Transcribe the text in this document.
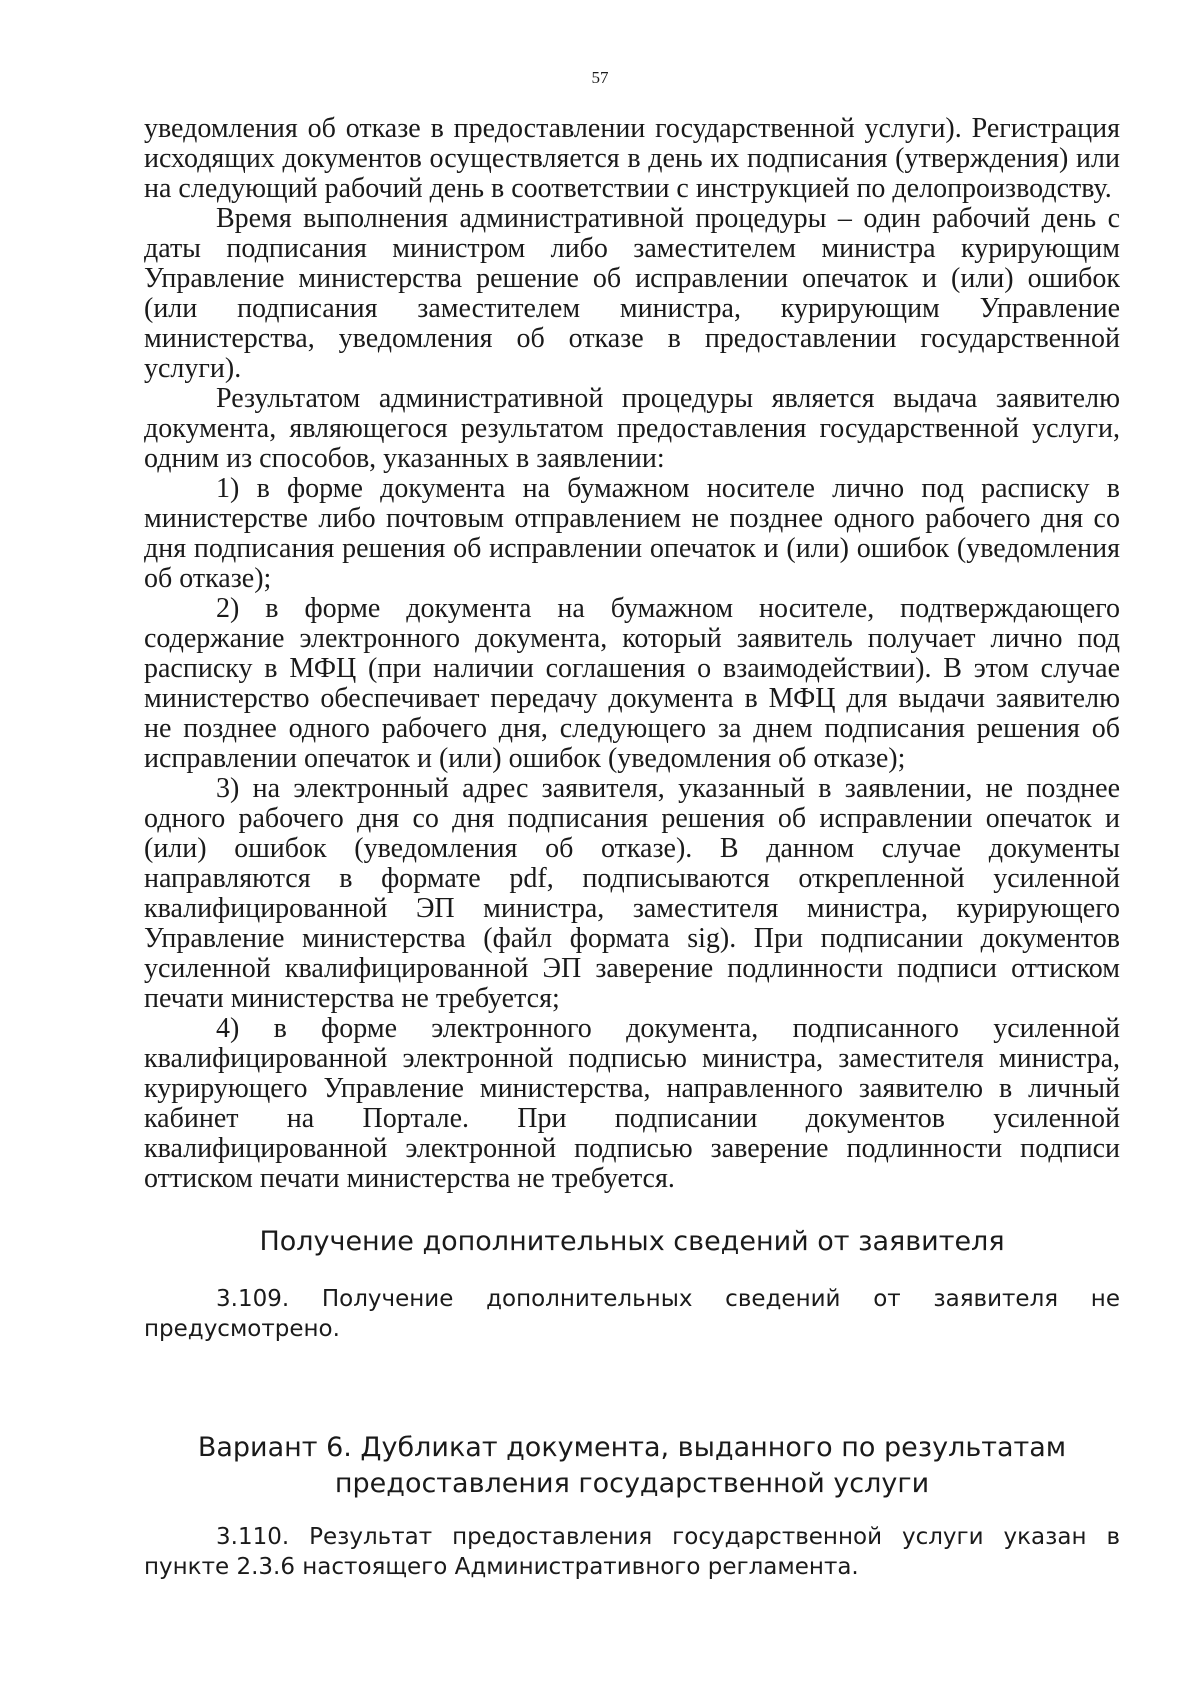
57

уведомления об отказе в предоставлении государственной услуги). Регистрация исходящих документов осуществляется в день их подписания (утверждения) или на следующий рабочий день в соответствии с инструкцией по делопроизводству.

Время выполнения административной процедуры – один рабочий день с даты подписания министром либо заместителем министра курирующим Управление министерства решение об исправлении опечаток и (или) ошибок (или подписания заместителем министра, курирующим Управление министерства, уведомления об отказе в предоставлении государственной услуги).

Результатом административной процедуры является выдача заявителю документа, являющегося результатом предоставления государственной услуги, одним из способов, указанных в заявлении:

1) в форме документа на бумажном носителе лично под расписку в министерстве либо почтовым отправлением не позднее одного рабочего дня со дня подписания решения об исправлении опечаток и (или) ошибок (уведомления об отказе);

2) в форме документа на бумажном носителе, подтверждающего содержание электронного документа, который заявитель получает лично под расписку в МФЦ (при наличии соглашения о взаимодействии). В этом случае министерство обеспечивает передачу документа в МФЦ для выдачи заявителю не позднее одного рабочего дня, следующего за днем подписания решения об исправлении опечаток и (или) ошибок (уведомления об отказе);

3) на электронный адрес заявителя, указанный в заявлении, не позднее одного рабочего дня со дня подписания решения об исправлении опечаток и (или) ошибок (уведомления об отказе). В данном случае документы направляются в формате pdf, подписываются открепленной усиленной квалифицированной ЭП министра, заместителя министра, курирующего Управление министерства (файл формата sig). При подписании документов усиленной квалифицированной ЭП заверение подлинности подписи оттиском печати министерства не требуется;

4) в форме электронного документа, подписанного усиленной квалифицированной электронной подписью министра, заместителя министра, курирующего Управление министерства, направленного заявителю в личный кабинет на Портале. При подписании документов усиленной квалифицированной электронной подписью заверение подлинности подписи оттиском печати министерства не требуется.

Получение дополнительных сведений от заявителя

3.109. Получение дополнительных сведений от заявителя не предусмотрено.

Вариант 6. Дубликат документа, выданного по результатам предоставления государственной услуги

3.110. Результат предоставления государственной услуги указан в пункте 2.3.6 настоящего Административного регламента.
